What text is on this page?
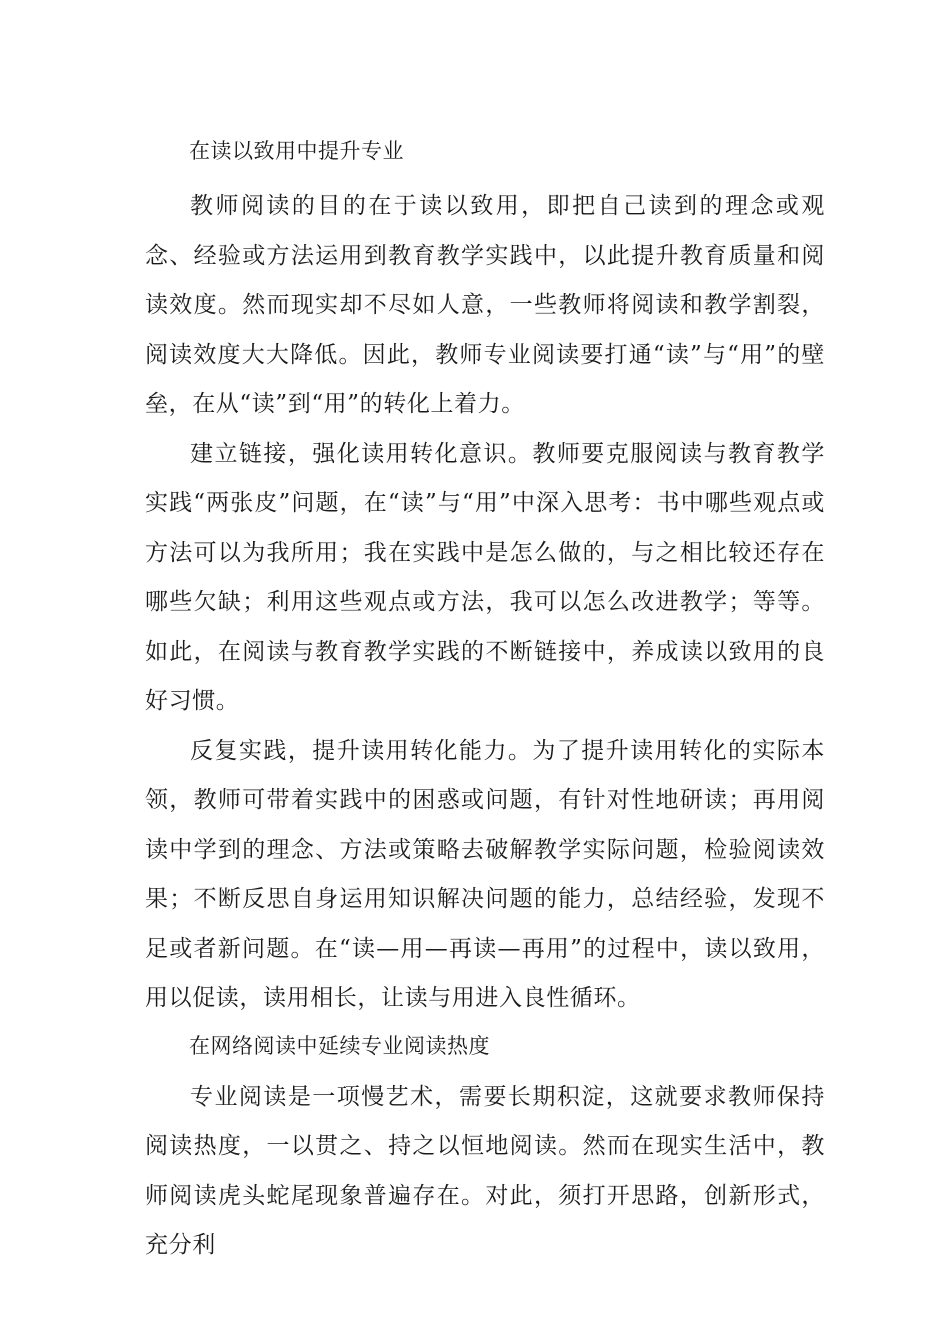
在读以致用中提升专业

教师阅读的目的在于读以致用，即把自己读到的理念或观念、经验或方法运用到教育教学实践中，以此提升教育质量和阅读效度。然而现实却不尽如人意，一些教师将阅读和教学割裂，阅读效度大大降低。因此，教师专业阅读要打通“读”与“用”的壁垒，在从“读”到“用”的转化上着力。

建立链接，强化读用转化意识。教师要克服阅读与教育教学实践“两张皮”问题，在“读”与“用”中深入思考：书中哪些观点或方法可以为我所用；我在实践中是怎么做的，与之相比较还存在哪些欠缺；利用这些观点或方法，我可以怎么改进教学；等等。如此，在阅读与教育教学实践的不断链接中，养成读以致用的良好习惯。

反复实践，提升读用转化能力。为了提升读用转化的实际本领，教师可带着实践中的困惑或问题，有针对性地研读；再用阅读中学到的理念、方法或策略去破解教学实际问题，检验阅读效果；不断反思自身运用知识解决问题的能力，总结经验，发现不足或者新问题。在“读—用—再读—再用”的过程中，读以致用，用以促读，读用相长，让读与用进入良性循环。

在网络阅读中延续专业阅读热度

专业阅读是一项慢艺术，需要长期积淀，这就要求教师保持阅读热度，一以贯之、持之以恒地阅读。然而在现实生活中，教师阅读虎头蛇尾现象普遍存在。对此，须打开思路，创新形式，充分利
